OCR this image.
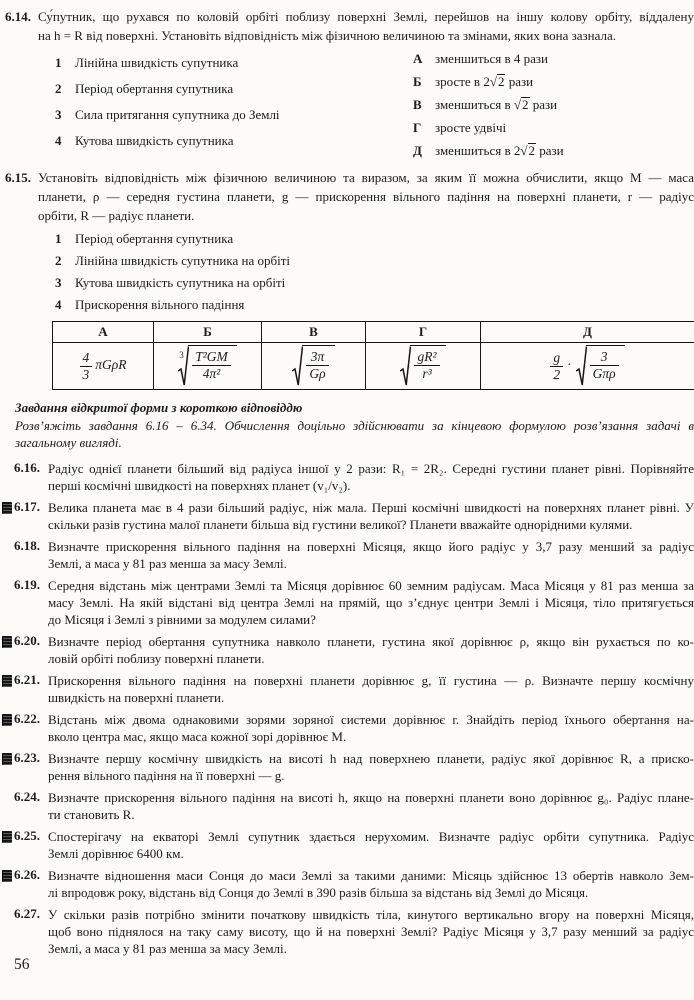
6.14. Су́путник, що рухався по коловій орбіті поблизу поверхні Землі, перейшов на іншу колову орбіту, віддалену
на h = R від поверхні. Установіть відповідність між фізичною величиною та змінами, яких вона зазнала.
1 Лінійна швидкість супутника
2 Період обертання супутника
3 Сила притягання супутника до Землі
4 Кутова швидкість супутника
А зменшиться в 4 рази
Б зросте в 2√2 рази
В зменшиться в √2 рази
Г зросте удвічі
Д зменшиться в 2√2 рази
6.15. Установіть відповідність між фізичною величиною та виразом, за яким її можна обчислити, якщо M — маса
планети, ρ — середня густина планети, g — прискорення вільного падіння на поверхні планети, r — радіус
орбіти, R — радіус планети.
1 Період обертання супутника
2 Лінійна швидкість супутника на орбіті
3 Кутова швидкість супутника на орбіті
4 Прискорення вільного падіння
А	Б	В	Г	Д

$\frac{4}{3}$ πGρR	$3 \frac{\text{T²GM}}{\text{4π²}}$	$\frac{3\pi}{G\rho}$	$\frac{\text{gR²}}{\text{r³}}$	$\frac{g}{2} \cdot \frac{3}{\text{Gπρ}}$
Завдання відкритої форми з короткою відповіддю
Розв’яжіть завдання 6.16 – 6.34. Обчислення доцільно здійснювати за кінцевою формулою розв’язання задачі в
загальному вигляді.
6.16. Радіус однієї планети більший від радіуса іншої у 2 рази: R₁ = 2R₂. Середні густини планет рівні. Порівняйте
перші космічні швидкості на поверхнях планет (v₁/v₂).
6.17. Велика планета має в 4 рази більший радіус, ніж мала. Перші космічні швидкості на поверхнях планет рівні. У
скільки разів густина малої планети більша від густини великої? Планети вважайте однорідними кулями.
6.18. Визначте прискорення вільного падіння на поверхні Місяця, якщо його радіус у 3,7 разу менший за радіус
Землі, а маса у 81 раз менша за масу Землі.
6.19. Середня відстань між центрами Землі та Місяця дорівнює 60 земним радіусам. Маса Місяця у 81 раз менша за
масу Землі. На якій відстані від центра Землі на прямій, що з’єднує центри Землі і Місяця, тіло притягується
до Місяця і Землі з рівними за модулем силами?
6.20. Визначте період обертання супутника навколо планети, густина якої дорівнює ρ, якщо він рухається по ко-
ловій орбіті поблизу поверхні планети.
6.21. Прискорення вільного падіння на поверхні планети дорівнює g, її густина — ρ. Визначте першу космічну
швидкість на поверхні планети.
6.22. Відстань між двома однаковими зорями зоряної системи дорівнює r. Знайдіть період їхнього обертання на-
вколо центра мас, якщо маса кожної зорі дорівнює M.
6.23. Визначте першу космічну швидкість на висоті h над поверхнею планети, радіус якої дорівнює R, а приско-
рення вільного падіння на її поверхні — g.
6.24. Визначте прискорення вільного падіння на висоті h, якщо на поверхні планети воно дорівнює g₀. Радіус плане-
ти становить R.
6.25. Спостерігачу на екваторі Землі супутник здається нерухомим. Визначте радіус орбіти супутника. Радіус
Землі дорівнює 6400 км.
6.26. Визначте відношення маси Сонця до маси Землі за такими даними: Місяць здійснює 13 обертів навколо Зем-
лі впродовж року, відстань від Сонця до Землі в 390 разів більша за відстань від Землі до Місяця.
6.27. У скільки разів потрібно змінити початкову швидкість тіла, кинутого вертикально вгору на поверхні Місяця,
щоб воно піднялося на таку саму висоту, що й на поверхні Землі? Радіус Місяця у 3,7 разу менший за радіус
Землі, а маса у 81 раз менша за масу Землі.
56
